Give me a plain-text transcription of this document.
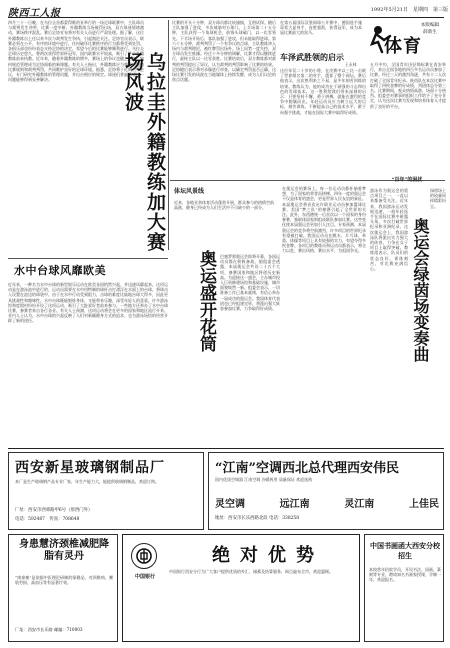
陕西工人报	1992年5月21日　星期四　第三版
四月三十一日晚，在乌拉圭首都蒙得维的亚举行的一场足球联赛中，主队球员与裁判发生冲突，比赛一度中断。外籍教练当场被罚出场，双方球迷情绪激动，赛场秩序混乱。赛后足协宣布将对有关人员进行严肃处理。据了解，这位外籍教练自上任以来多次与裁判发生争执，引起舆论关注。足协官员表示，联赛必须在公平、有序的环境中进行，任何破坏比赛秩序的行为都将受到处罚。各俱乐部也纷纷表态支持足协的决定，希望今后的比赛能够顺利进行。乌拉圭足球历史悠久，曾两次获得世界杯冠军，国内联赛水平较高，吸引了不少外籍教练前来执教。近年来，随着外籍教练的增多，赛场上的争议也随之增加，如何规范管理成为足协面临的新课题。有关人士指出，外籍教练应当尊重当地的比赛规则和裁判判罚，共同维护良好的足球环境。据悉，足协将于近期召开会议，专门研究外籍教练的管理问题，并出台相应的规定。球迷们普遍希望这一问题能够得到妥善解决。	乌拉圭外籍教练加大赛场风波
比赛的开头十分钟，双方球员都比较谨慎，互相试探。随后主队加强了进攻，多次威胁对方球门。上半场第二十五分钟，主队获得一个角球机会，前锋头球破门，以一比零领先。下半场开始后，客队加强了进攻，但未能取得进球。第六十五分钟，裁判判罚了一个有争议的点球，主队教练冲入场内与裁判理论，被红牌罚出场外。场上局势一度失控，双方球员发生推搡。经过十多分钟的调解，比赛才得以继续进行，最终主队以一比零获胜。比赛结束后，双方教练都对裁判的判罚提出了异议，认为裁判的判罚影响了比赛的结果。足协随后表示将对录像进行审查，以确定判罚是否正确。这场比赛引发的风波在当地媒体上持续发酵，成为人们议论的焦点话题。
在第五届国际汉堡网球公开赛中，德国选手施蒂希大显身手，连胜强敌，获得冠军，成为本届比赛最大的黑马。
车泽武胜领的启示
王永林
这位年仅二十岁的小将，在决赛中以三比一击败了世界排名第二的对手，震惊了整个网坛。赛后他表示，这次胜利来之不易，是多年刻苦训练的结果。教练认为，他的成功在于顽强的斗志和出色的发球技术。这一胜利给我们带来深刻的启示：只要坚持不懈，勇于拼搏，就能在激烈的竞争中脱颖而出。年轻运动员应当树立远大的目标，刻苦训练，不断提高自己的技术水平，敢于向强手挑战，才能在国际大赛中取得好成绩。
体育
本版编辑
薛新生
五月中旬，全国青年田径锦标赛在西安举行，来自全国各地的四百多名运动员参加了比赛。经过三天的激烈角逐，共有十二人次打破了全国青年纪录。陕西队在本次比赛中取得了四枚金牌的好成绩，列团体总分第三名。比赛期间，观众热情高涨，场面十分热烈。组委会对赛事的组织工作给予了充分肯定，认为这次比赛为发现和培养体育人才提供了良好的平台。
体坛风景线
近来，各地业余体育活动蓬勃开展，群众参与的热情空前高涨，健身已经成为人们生活中不可缺少的一部分。
奥运盛开花筒 巴塞罗那奥运会即将开幕，各国运动员都在积极备战。据组委会透露，本届奥运会共设二十五个大项，参赛国家和地区将创历史新高。为迎接这一盛会，主办城市投入巨资修建场馆和基础设施，城市面貌焕然一新。组委会表示，一切准备工作已基本就绪，有信心举办一届成功的奥运会。我国体育代表团也已经组建完毕，将派出强大阵容参加比赛，力争取得好成绩。
在奥运会的赛场上，每一位运动员都怀揣着梦想，为了国家的荣誉而拼搏。四年一度的奥运会不仅是体育的盛会，更是世界人民友谊的象征。本届奥运会将首次允许职业运动员参加篮球比赛，美国“梦之队”的参赛引起了全世界的关注。此外，东西德统一后首次以一个国家的身份参赛，独联体国家则组成联队参加比赛。这些变化使本届奥运会更加引人注目。专家预测，本届奥运会的竞争将空前激烈，许多项目的世界纪录有望被打破。我国运动员在跳水、乒乓球、举重、体操等项目上具有较强的实力，有望夺得多枚金牌。各项目的教练员和运动员都表示，将全力以赴，赛出风格，赛出水平，为祖国争光。
“百年”的困扰
游泳作为奥运会的重点项目之一，一直以来都备受关注。近年来，我国游泳运动发展迅速，一批年轻选手在国际比赛中崭露头角，多次打破世界纪录和亚洲纪录。这次奥运会上，我国游泳队将派出实力强大的阵容，力争在女子项目上取得突破。教练组表示，队员们的状态良好，训练刻苦，对比赛充满信心。	奥运会绿茵场变奏曲
绿茵场上的较量同样精彩纷呈。
水中台球风靡欧美
近年来，一种名为水中台球的新型娱乐运动在欧美各国悄然兴起，并迅速风靡起来。这项运动是在游泳池中进行的，运动员需要在水中用特制的球杆击打漂浮在水面上的台球，将球击入设置在池边的球袋中。由于在水中行动受到阻力，击球的难度比陆地台球大得多，因此更具挑战性和趣味性。水中台球既能锻炼身体，又能带来乐趣，深受年轻人的喜爱。许多游泳馆和度假村纷纷开设了这项运动，吸引了大批爱好者前来参与。一些地方还举办了水中台球比赛，参赛者来自各行各业。有关人士预测，这项运动将会在更多的国家和地区流行开来。业内人士认为，水中台球的兴起反映了人们对新颖健身方式的追求，也为游泳场馆的经营开辟了新的途径。
西安新星玻璃钢制品厂
本厂是生产玻璃钢产品专业厂家，年生产能力大，能提供玻璃钢制品，欢迎订购。
厂址：西安市西郊路甲6号（原西门外）
电话：592487　传真：708648
“江南”空调西北总代理西安伟民
国内优质空调器 江南空调 冷暖两用 质量保证 欢迎选购
灵空调	远江南	灵江南	上佳民
地址：西安市长乐西路北段 电话：338258
身患慧济颈椎减肥降脂有灵丹
“康泰寨”是依据中医理论研制的保健品，对颈椎病、腰肌劳损、高血压等有显著疗效。
厂址：西安市长乐路 邮编：710003
中国银行
绝对优势
中国银行西安分行为广大客户提供优质的外汇、储蓄及结算服务，网点遍布全市，欢迎惠顾。
中国书画函大西安分校招生
本校常年招收学员，开设书法、国画、篆刻等专业，聘请知名书画家授课，学制一年，欢迎报名。
